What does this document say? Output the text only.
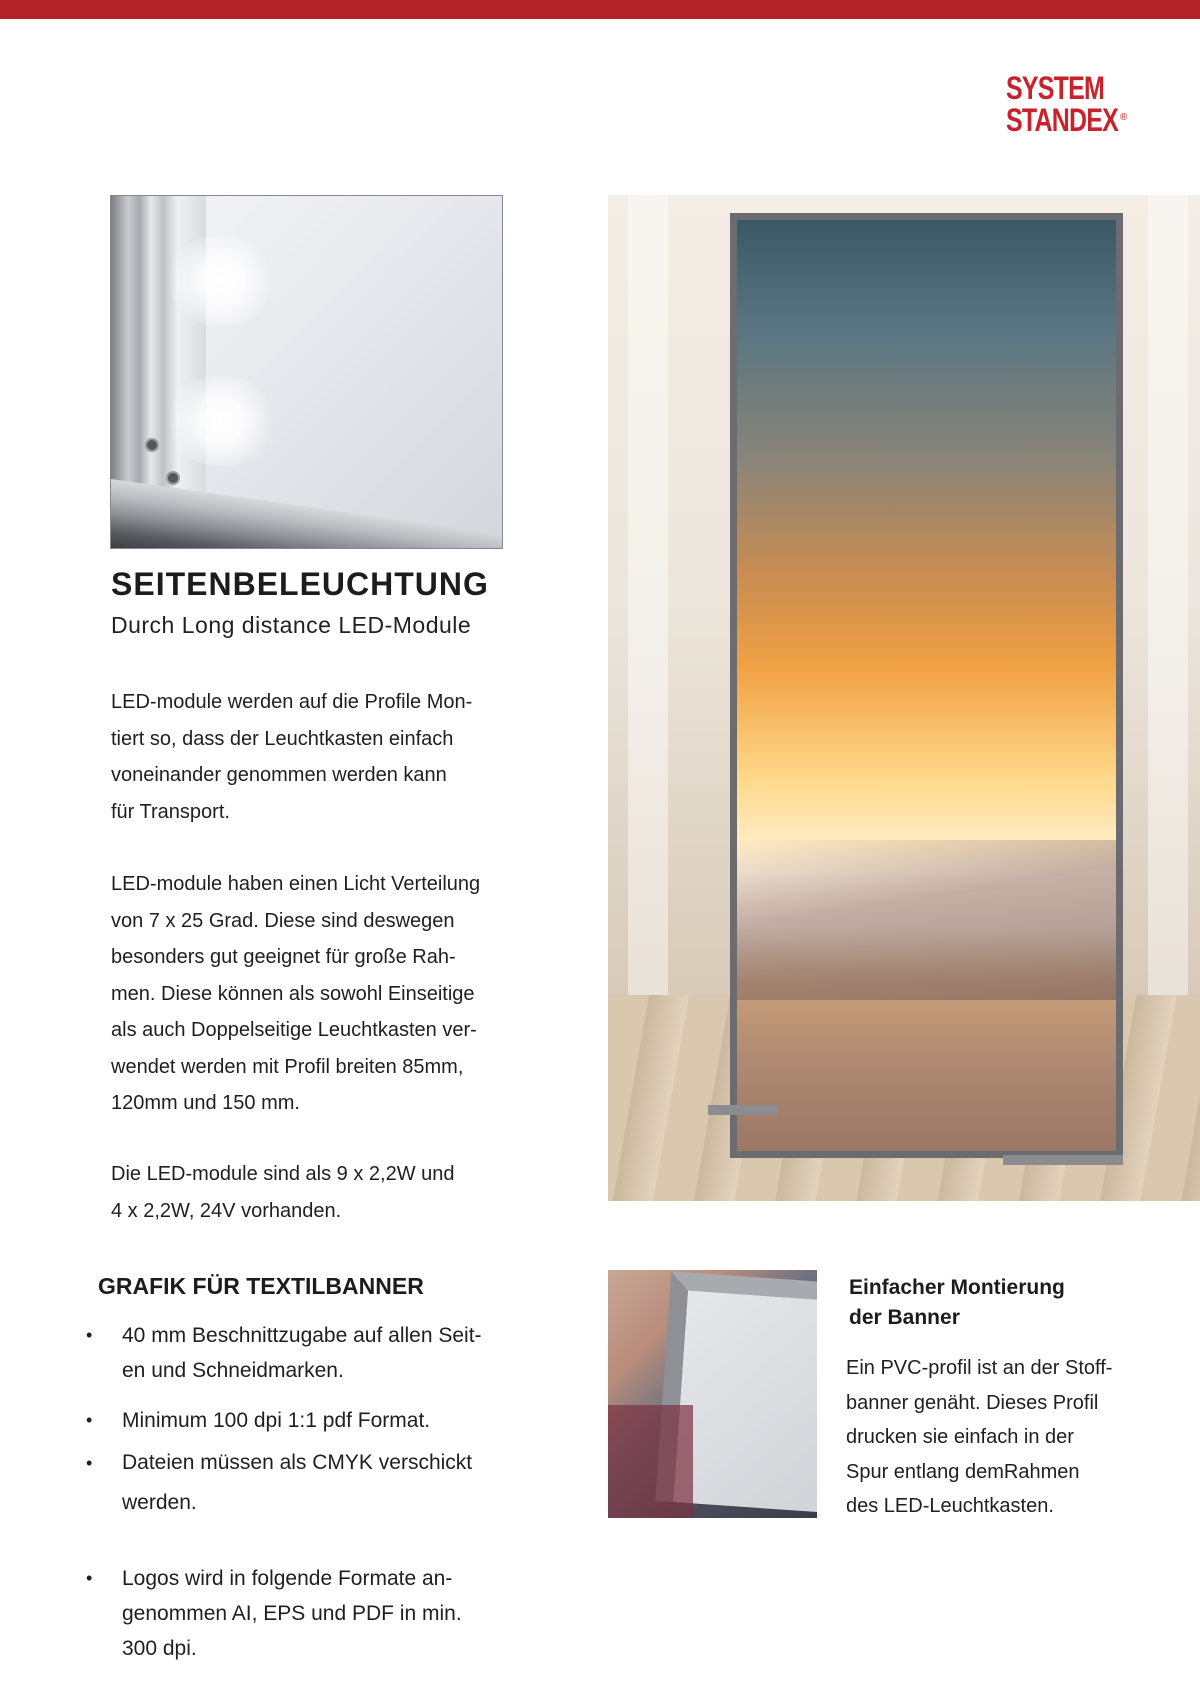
SYSTEM
STANDEX ®
SEITENBELEUCHTUNG

Durch Long distance LED-Module

LED-module werden auf die Profile Mon-
tiert so, dass der Leuchtkasten einfach
voneinander genommen werden kann
für Transport.

LED-module haben einen Licht Verteilung
von 7 x 25 Grad. Diese sind deswegen
besonders gut geeignet für große Rah-
men. Diese können als sowohl Einseitige
als auch Doppelseitige Leuchtkasten ver-
wendet werden mit Profil breiten 85mm,
120mm und 150 mm.

Die LED-module sind als 9 x 2,2W und
4 x 2,2W, 24V vorhanden.

GRAFIK FÜR TEXTILBANNER
• 40 mm Beschnittzugabe auf allen Seit-
en und Schneidmarken.
• Minimum 100 dpi 1:1 pdf Format.
• Dateien müssen als CMYK verschickt
werden.
• Logos wird in folgende Formate an-
genommen AI, EPS und PDF in min.
300 dpi.
Einfacher Montierung
der Banner

Ein PVC-profil ist an der Stoff-
banner genäht. Dieses Profil
drucken sie einfach in der
Spur entlang demRahmen
des LED-Leuchtkasten.
